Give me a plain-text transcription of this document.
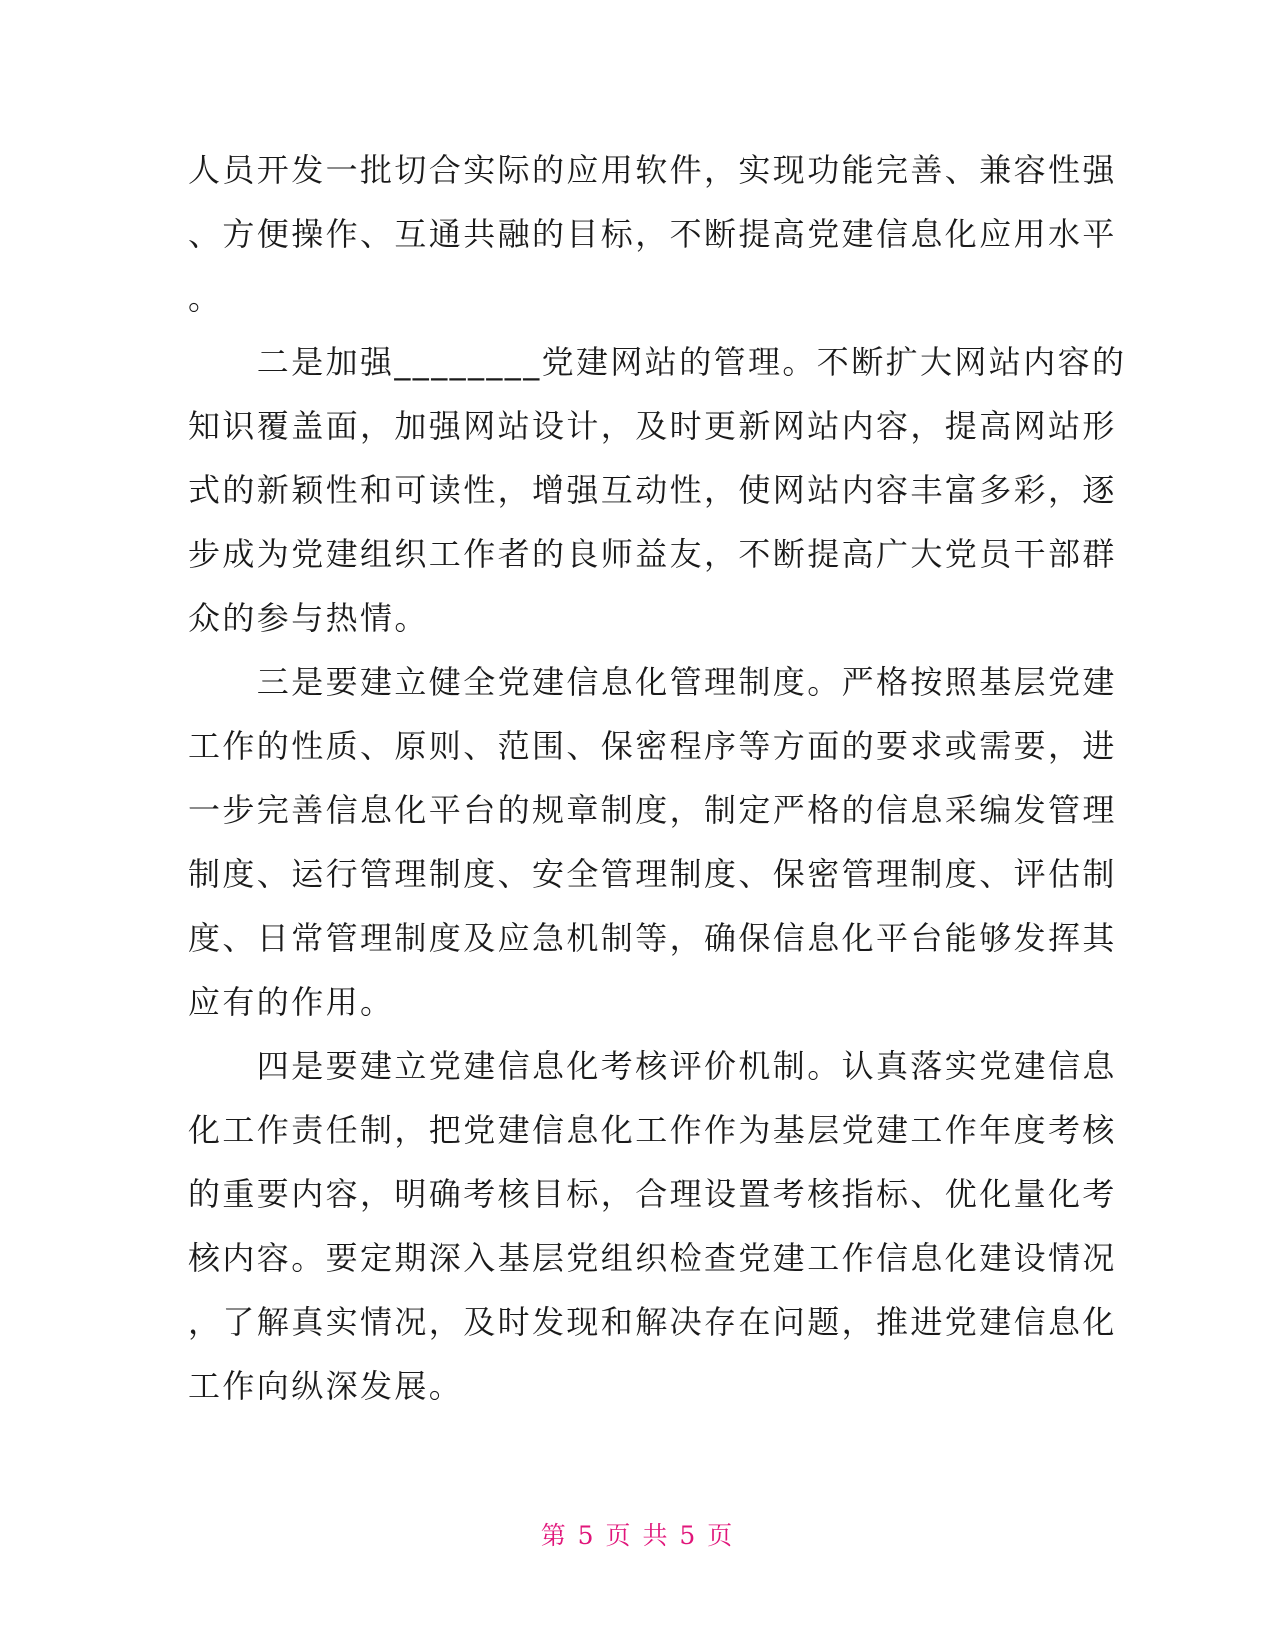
人员开发一批切合实际的应用软件，实现功能完善、兼容性强
、方便操作、互通共融的目标，不断提高党建信息化应用水平
。
　　二是加强________党建网站的管理。不断扩大网站内容的
知识覆盖面，加强网站设计，及时更新网站内容，提高网站形
式的新颖性和可读性，增强互动性，使网站内容丰富多彩，逐
步成为党建组织工作者的良师益友，不断提高广大党员干部群
众的参与热情。
　　三是要建立健全党建信息化管理制度。严格按照基层党建
工作的性质、原则、范围、保密程序等方面的要求或需要，进
一步完善信息化平台的规章制度，制定严格的信息采编发管理
制度、运行管理制度、安全管理制度、保密管理制度、评估制
度、日常管理制度及应急机制等，确保信息化平台能够发挥其
应有的作用。
　　四是要建立党建信息化考核评价机制。认真落实党建信息
化工作责任制，把党建信息化工作作为基层党建工作年度考核
的重要内容，明确考核目标，合理设置考核指标、优化量化考
核内容。要定期深入基层党组织检查党建工作信息化建设情况
，了解真实情况，及时发现和解决存在问题，推进党建信息化
工作向纵深发展。
第 5 页 共 5 页
